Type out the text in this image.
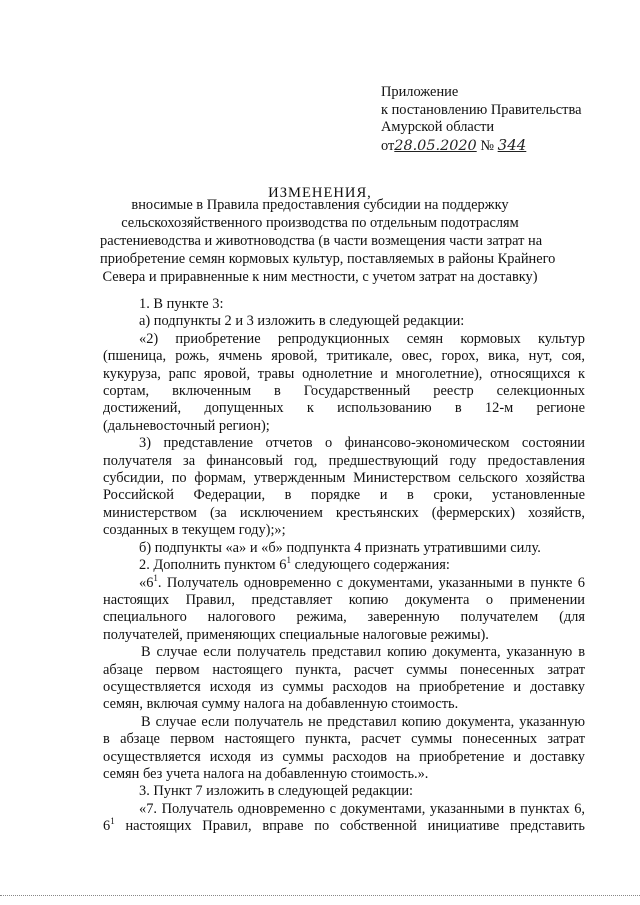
Приложение
к постановлению Правительства
Амурской области
от28.05.2020 № 344
ИЗМЕНЕНИЯ,
вносимые в Правила предоставления субсидии на поддержку
сельскохозяйственного производства по отдельным подотраслям
растениеводства и животноводства (в части возмещения части затрат на
приобретение семян кормовых культур, поставляемых в районы Крайнего
Севера и приравненные к ним местности, с учетом затрат на доставку)
1. В пункте 3:
а) подпункты 2 и 3 изложить в следующей редакции:
«2) приобретение репродукционных семян кормовых культур
(пшеница, рожь, ячмень яровой, тритикале, овес, горох, вика, нут, соя,
кукуруза, рапс яровой, травы однолетние и многолетние), относящихся к
сортам, включенным в Государственный реестр селекционных
достижений, допущенных к использованию в 12-м регионе
(дальневосточный регион);
3) представление отчетов о финансово-экономическом состоянии
получателя за финансовый год, предшествующий году предоставления
субсидии, по формам, утвержденным Министерством сельского хозяйства
Российской Федерации, в порядке и в сроки, установленные
министерством (за исключением крестьянских (фермерских) хозяйств,
созданных в текущем году);»;
б) подпункты «а» и «б» подпункта 4 признать утратившими силу.
2. Дополнить пунктом $6^1$ следующего содержания:
«$6^1$. Получатель одновременно с документами, указанными в пункте 6
настоящих Правил, представляет копию документа о применении
специального налогового режима, заверенную получателем (для
получателей, применяющих специальные налоговые режимы).
В случае если получатель представил копию документа, указанную в
абзаце первом настоящего пункта, расчет суммы понесенных затрат
осуществляется исходя из суммы расходов на приобретение и доставку
семян, включая сумму налога на добавленную стоимость.
В случае если получатель не представил копию документа, указанную
в абзаце первом настоящего пункта, расчет суммы понесенных затрат
осуществляется исходя из суммы расходов на приобретение и доставку
семян без учета налога на добавленную стоимость.».
3. Пункт 7 изложить в следующей редакции:
«7. Получатель одновременно с документами, указанными в пунктах 6,
$6^1$ настоящих Правил, вправе по собственной инициативе представить
